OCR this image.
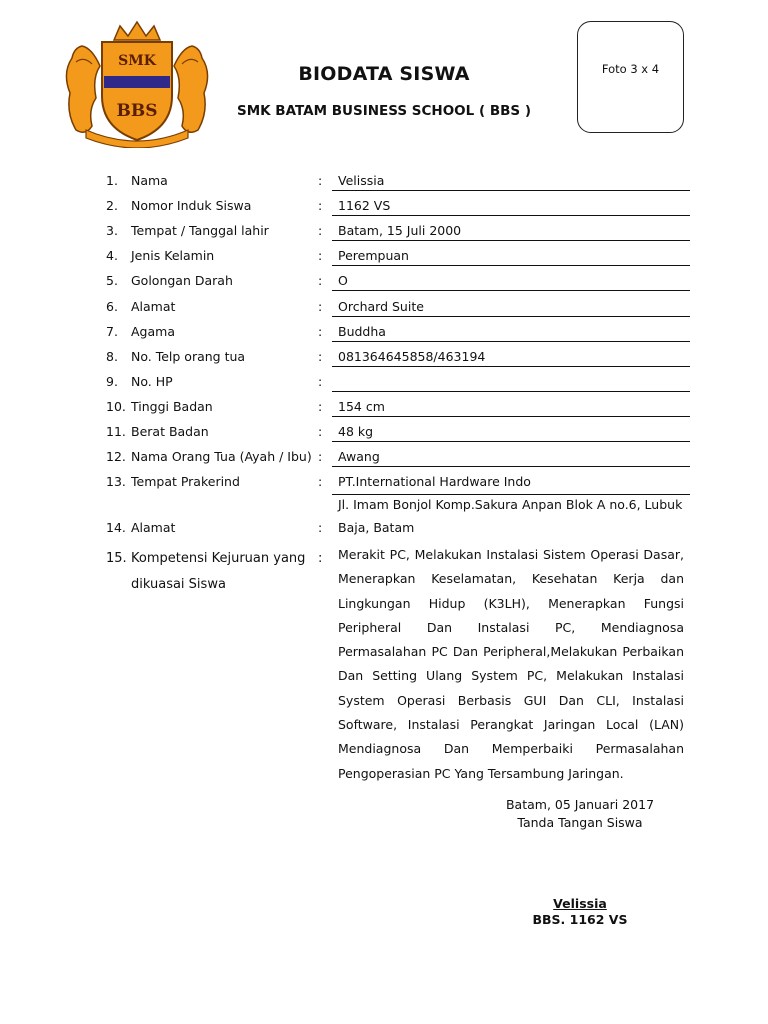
SMK
BBS
BIODATA SISWA
SMK BATAM BUSINESS SCHOOL ( BBS )
Foto 3 x 4
1. Nama	:	Velissia
2. Nomor Induk Siswa	:	1162 VS
3. Tempat / Tanggal lahir	:	Batam, 15 Juli 2000
4. Jenis Kelamin	:	Perempuan
5. Golongan Darah	:	O
6. Alamat	:	Orchard Suite
7. Agama	:	Buddha
8. No. Telp orang tua	:	081364645858/463194
9. No. HP	:
10. Tinggi Badan	:	154 cm
11. Berat Badan	:	48 kg
12. Nama Orang Tua (Ayah / Ibu) :	Awang
13. Tempat Prakerind	:	PT.International Hardware Indo
Jl. Imam Bonjol Komp.Sakura Anpan Blok A no.6, Lubuk
14. Alamat	:	Baja, Batam
15. Kompetensi Kejuruan yang dikuasai Siswa
: Merakit PC, Melakukan Instalasi Sistem Operasi Dasar, Menerapkan Keselamatan, Kesehatan Kerja dan Lingkungan Hidup (K3LH), Menerapkan Fungsi Peripheral Dan Instalasi PC, Mendiagnosa Permasalahan PC Dan Peripheral,Melakukan Perbaikan Dan Setting Ulang System PC, Melakukan Instalasi System Operasi Berbasis GUI Dan CLI, Instalasi Software, Instalasi Perangkat Jaringan Local (LAN) Mendiagnosa Dan Memperbaiki Permasalahan Pengoperasian PC Yang Tersambung Jaringan.
Batam, 05 Januari 2017
Tanda Tangan Siswa
Velissia
BBS. 1162 VS
